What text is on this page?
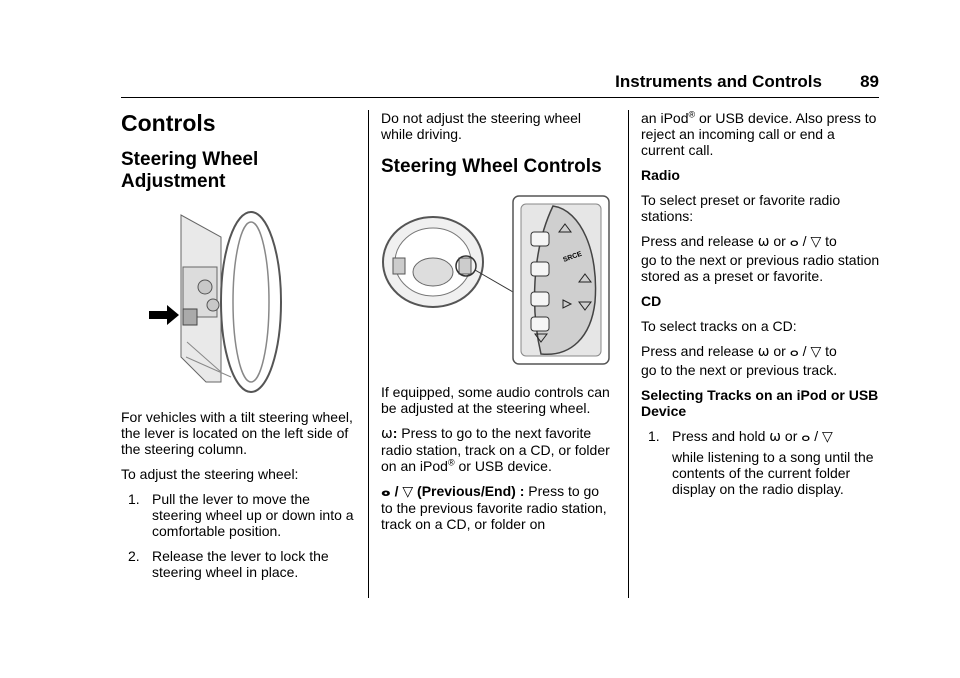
Instruments and Controls	89
Controls
Steering Wheel
Adjustment

For vehicles with a tilt steering wheel, the lever is located on the left side of the steering column.

To adjust the steering wheel:

1. Pull the lever to move the steering wheel up or down into a comfortable position.
2. Release the lever to lock the steering wheel in place.

Do not adjust the steering wheel while driving.

Steering Wheel Controls
SRCE

If equipped, some audio controls can be adjusted at the steering wheel.

ω: Press to go to the next favorite radio station, track on a CD, or folder on an iPod® or USB device.

ⴰ / ▽ (Previous/End) : Press to go to the previous favorite radio station, track on a CD, or folder on

an iPod® or USB device. Also press to reject an incoming call or end a current call.

Radio

To select preset or favorite radio stations:

Press and release ω or ⴰ / ▽ to

go to the next or previous radio station stored as a preset or favorite.

CD

To select tracks on a CD:

Press and release ω or ⴰ / ▽ to

go to the next or previous track.

Selecting Tracks on an iPod or USB Device

1. Press and hold ω or ⴰ / ▽
while listening to a song until the contents of the current folder display on the radio display.
